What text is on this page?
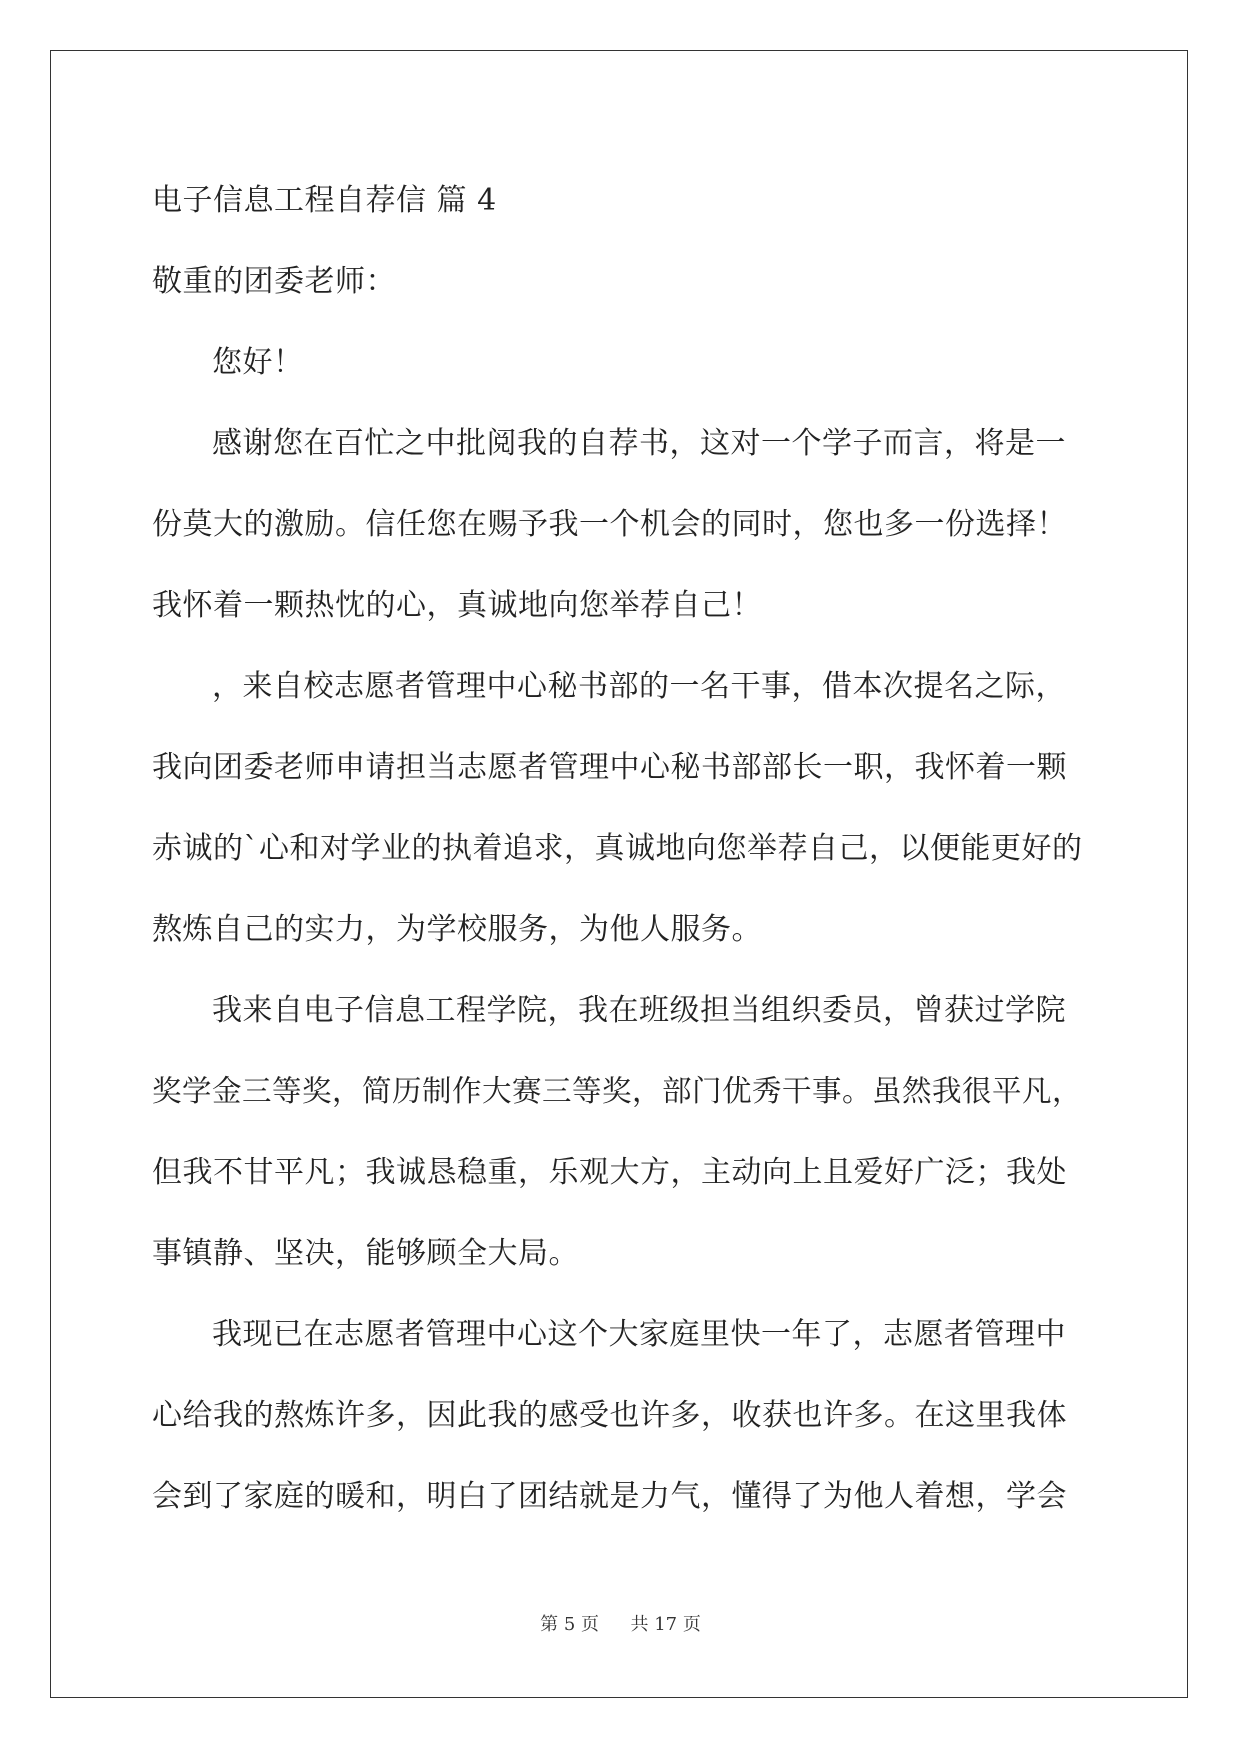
电子信息工程自荐信 篇 4
敬重的团委老师：
您好！
感谢您在百忙之中批阅我的自荐书，这对一个学子而言，将是一
份莫大的激励。信任您在赐予我一个机会的同时，您也多一份选择！
我怀着一颗热忱的心，真诚地向您举荐自己！
，来自校志愿者管理中心秘书部的一名干事，借本次提名之际，
我向团委老师申请担当志愿者管理中心秘书部部长一职，我怀着一颗
赤诚的`心和对学业的执着追求，真诚地向您举荐自己，以便能更好的
熬炼自己的实力，为学校服务，为他人服务。
我来自电子信息工程学院，我在班级担当组织委员，曾获过学院
奖学金三等奖，简历制作大赛三等奖，部门优秀干事。虽然我很平凡，
但我不甘平凡；我诚恳稳重，乐观大方，主动向上且爱好广泛；我处
事镇静、坚决，能够顾全大局。
我现已在志愿者管理中心这个大家庭里快一年了，志愿者管理中
心给我的熬炼许多，因此我的感受也许多，收获也许多。在这里我体
会到了家庭的暖和，明白了团结就是力气，懂得了为他人着想，学会
第 5 页 共 17 页
